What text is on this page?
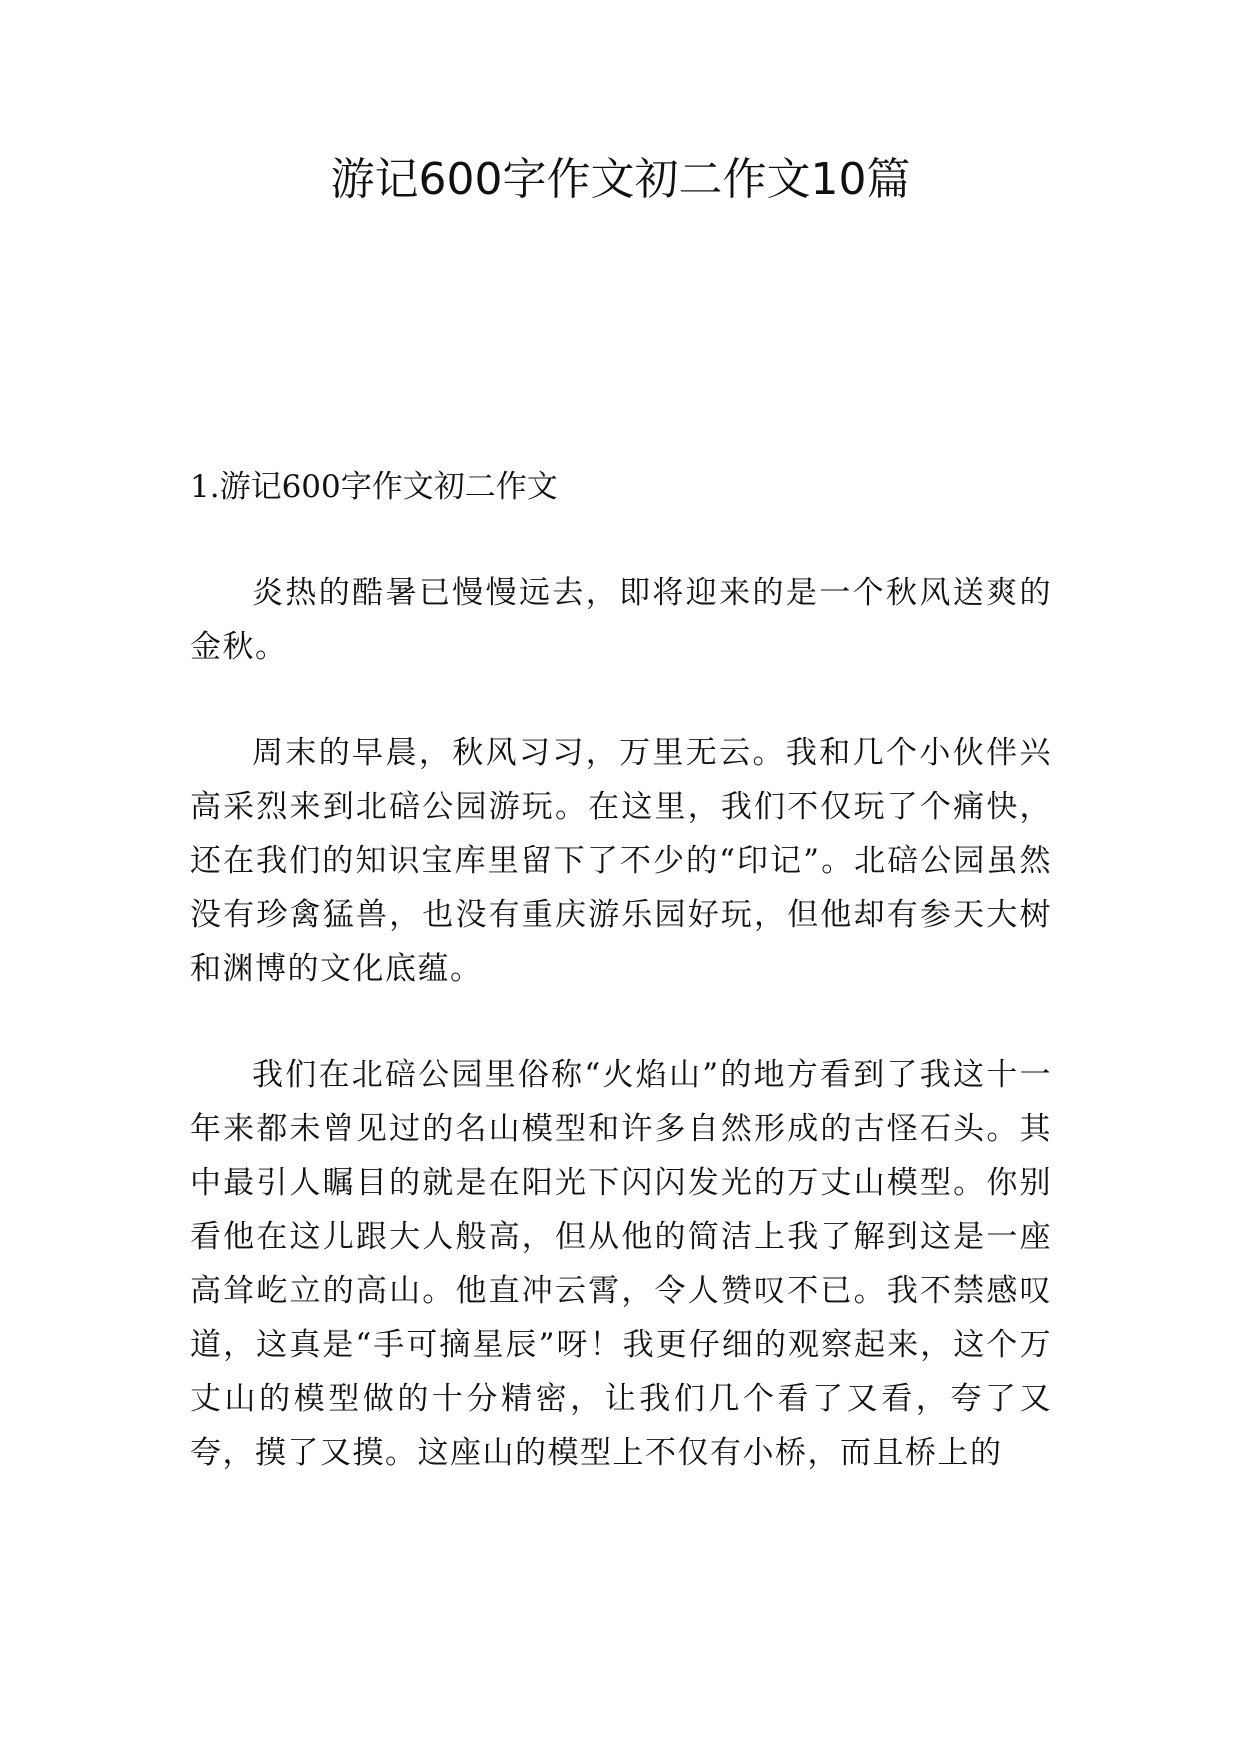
游记600字作文初二作文10篇
1.游记600字作文初二作文

炎热的酷暑已慢慢远去，即将迎来的是一个秋风送爽的金秋。

周末的早晨，秋风习习，万里无云。我和几个小伙伴兴高采烈来到北碚公园游玩。在这里，我们不仅玩了个痛快，还在我们的知识宝库里留下了不少的“印记”。北碚公园虽然没有珍禽猛兽，也没有重庆游乐园好玩，但他却有参天大树和渊博的文化底蕴。

我们在北碚公园里俗称“火焰山”的地方看到了我这十一年来都未曾见过的名山模型和许多自然形成的古怪石头。其中最引人瞩目的就是在阳光下闪闪发光的万丈山模型。你别看他在这儿跟大人般高，但从他的简洁上我了解到这是一座高耸屹立的高山。他直冲云霄，令人赞叹不已。我不禁感叹道，这真是“手可摘星辰”呀！我更仔细的观察起来，这个万丈山的模型做的十分精密，让我们几个看了又看，夸了又夸，摸了又摸。这座山的模型上不仅有小桥，而且桥上的
